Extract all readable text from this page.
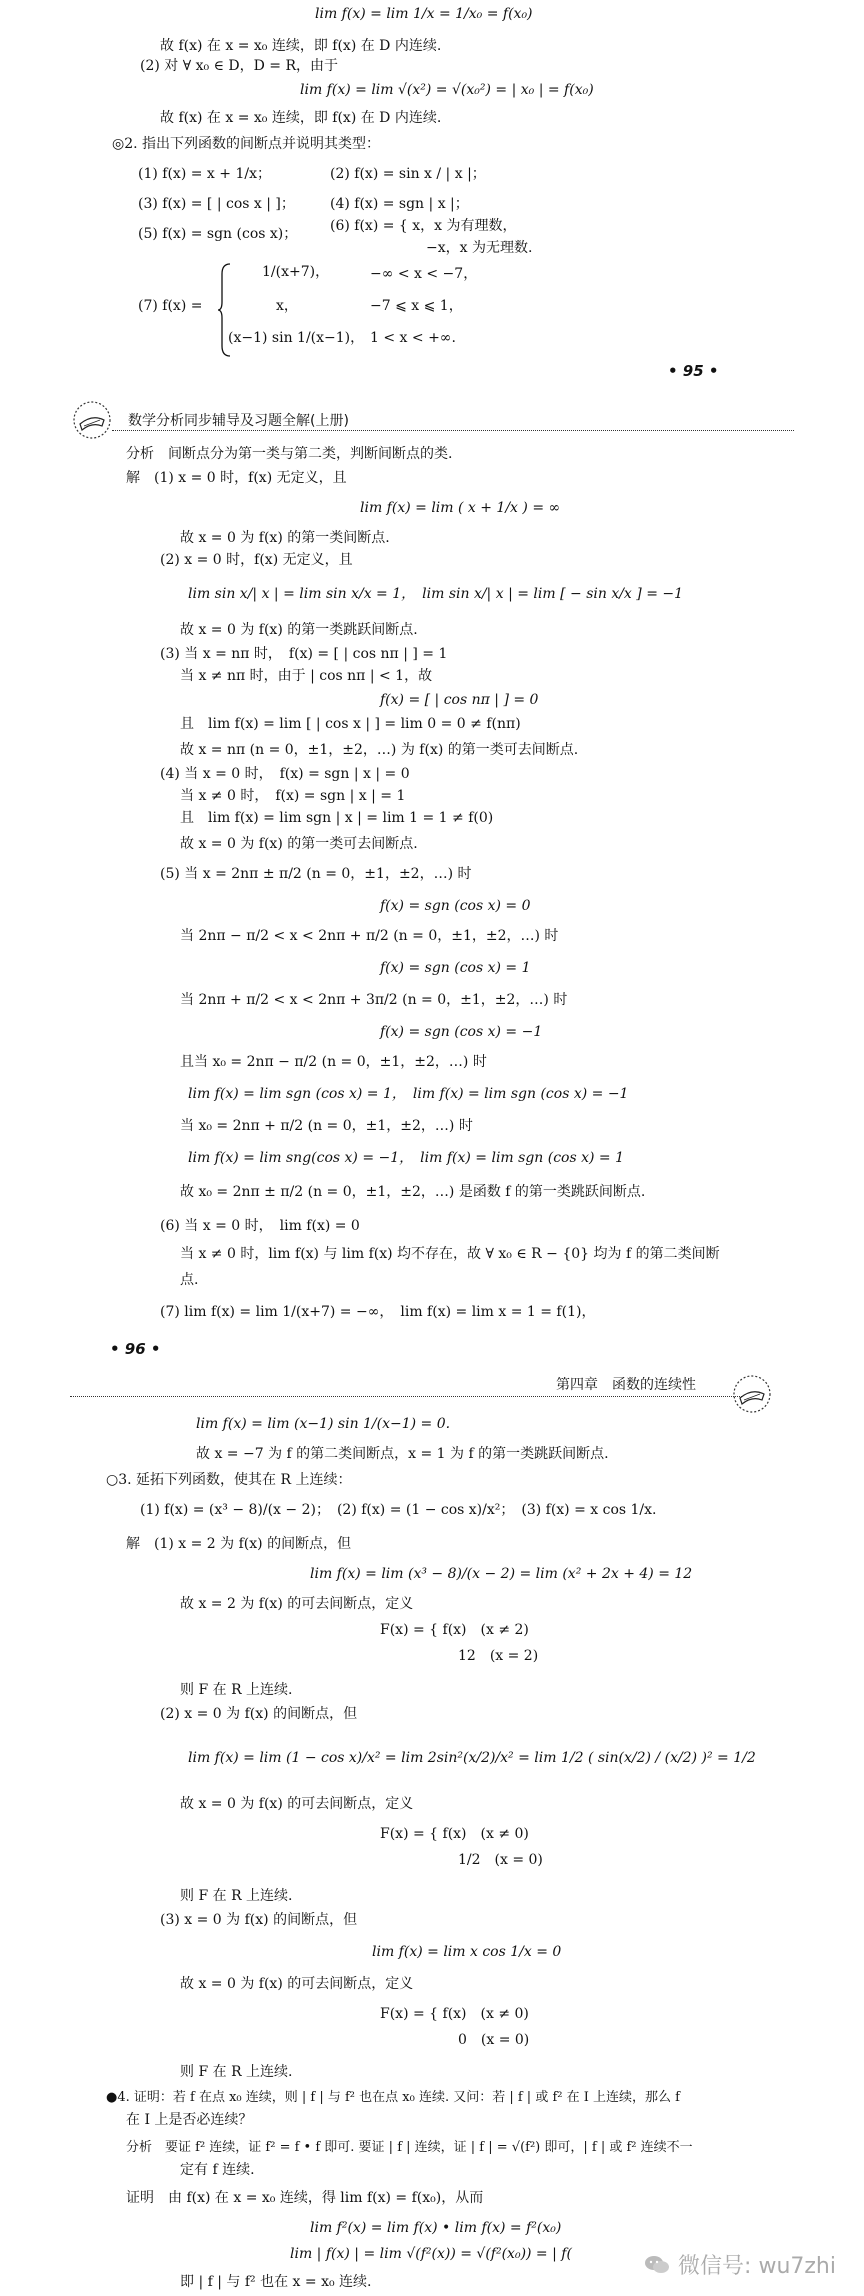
lim f(x) = lim 1/x = 1/x₀ = f(x₀)
故 f(x) 在 x = x₀ 连续，即 f(x) 在 D 内连续.
(2) 对 ∀ x₀ ∈ D，D = R，由于
lim f(x) = lim √(x²) = √(x₀²) = | x₀ | = f(x₀)
故 f(x) 在 x = x₀ 连续，即 f(x) 在 D 内连续.
◎2. 指出下列函数的间断点并说明其类型：
(1) f(x) = x + 1/x；	(2) f(x) = sin x / | x |；
(3) f(x) = [ | cos x | ]；	(4) f(x) = sgn | x |；
(5) f(x) = sgn (cos x)； (6) f(x) = { x，x 为有理数，
−x，x 为无理数.
(7) f(x) =
1/(x+7)，	−∞ < x < −7，
x，	−7 ⩽ x ⩽ 1，
(x−1) sin 1/(x−1)， 1 < x < +∞.
• 95 •
数学分析同步辅导及习题全解(上册)
分析　间断点分为第一类与第二类，判断间断点的类.
解　(1) x = 0 时，f(x) 无定义，且
lim f(x) = lim ( x + 1/x ) = ∞
故 x = 0 为 f(x) 的第一类间断点.
(2) x = 0 时，f(x) 无定义，且
lim sin x/| x | = lim sin x/x = 1，　lim sin x/| x | = lim [ − sin x/x ] = −1
故 x = 0 为 f(x) 的第一类跳跃间断点.
(3) 当 x = nπ 时，　f(x) = [ | cos nπ | ] = 1
当 x ≠ nπ 时，由于 | cos nπ | < 1，故
f(x) = [ | cos nπ | ] = 0
且　lim f(x) = lim [ | cos x | ] = lim 0 = 0 ≠ f(nπ)
故 x = nπ (n = 0，±1，±2，…) 为 f(x) 的第一类可去间断点.
(4) 当 x = 0 时，　f(x) = sgn | x | = 0
当 x ≠ 0 时，　f(x) = sgn | x | = 1
且　lim f(x) = lim sgn | x | = lim 1 = 1 ≠ f(0)
故 x = 0 为 f(x) 的第一类可去间断点.
(5) 当 x = 2nπ ± π/2 (n = 0，±1，±2，…) 时
f(x) = sgn (cos x) = 0
当 2nπ − π/2 < x < 2nπ + π/2 (n = 0，±1，±2，…) 时
f(x) = sgn (cos x) = 1
当 2nπ + π/2 < x < 2nπ + 3π/2 (n = 0，±1，±2，…) 时
f(x) = sgn (cos x) = −1
且当 x₀ = 2nπ − π/2 (n = 0，±1，±2，…) 时
lim f(x) = lim sgn (cos x) = 1，　lim f(x) = lim sgn (cos x) = −1
当 x₀ = 2nπ + π/2 (n = 0，±1，±2，…) 时
lim f(x) = lim sng(cos x) = −1，　lim f(x) = lim sgn (cos x) = 1
故 x₀ = 2nπ ± π/2 (n = 0，±1，±2，…) 是函数 f 的第一类跳跃间断点.
(6) 当 x = 0 时，　lim f(x) = 0
当 x ≠ 0 时，lim f(x) 与 lim f(x) 均不存在，故 ∀ x₀ ∈ R − {0} 均为 f 的第二类间断
点.
(7) lim f(x) = lim 1/(x+7) = −∞，　lim f(x) = lim x = 1 = f(1)，
• 96 •
第四章　函数的连续性
lim f(x) = lim (x−1) sin 1/(x−1) = 0.
故 x = −7 为 f 的第二类间断点，x = 1 为 f 的第一类跳跃间断点.
○3. 延拓下列函数，使其在 R 上连续：
(1) f(x) = (x³ − 8)/(x − 2)；　(2) f(x) = (1 − cos x)/x²；　(3) f(x) = x cos 1/x.
解　(1) x = 2 为 f(x) 的间断点，但
lim f(x) = lim (x³ − 8)/(x − 2) = lim (x² + 2x + 4) = 12
故 x = 2 为 f(x) 的可去间断点，定义
F(x) = { f(x)　(x ≠ 2)
12　(x = 2)
则 F 在 R 上连续.
(2) x = 0 为 f(x) 的间断点，但
lim f(x) = lim (1 − cos x)/x² = lim 2sin²(x/2)/x² = lim 1/2 ( sin(x/2) / (x/2) )² = 1/2
故 x = 0 为 f(x) 的可去间断点，定义
F(x) = { f(x)　(x ≠ 0)
1/2　(x = 0)
则 F 在 R 上连续.
(3) x = 0 为 f(x) 的间断点，但
lim f(x) = lim x cos 1/x = 0
故 x = 0 为 f(x) 的可去间断点，定义
F(x) = { f(x)　(x ≠ 0)
0　(x = 0)
则 F 在 R 上连续.
●4. 证明：若 f 在点 x₀ 连续，则 | f | 与 f² 也在点 x₀ 连续. 又问：若 | f | 或 f² 在 I 上连续，那么 f
在 I 上是否必连续？
分析　要证 f² 连续，证 f² = f • f 即可. 要证 | f | 连续，证 | f | = √(f²) 即可，| f | 或 f² 连续不一
定有 f 连续.
证明　由 f(x) 在 x = x₀ 连续，得 lim f(x) = f(x₀)，从而
lim f²(x) = lim f(x) • lim f(x) = f²(x₀)
lim | f(x) | = lim √(f²(x)) = √(f²(x₀)) = | f(
即 | f | 与 f² 也在 x = x₀ 连续.
微信号: wu7zhi
